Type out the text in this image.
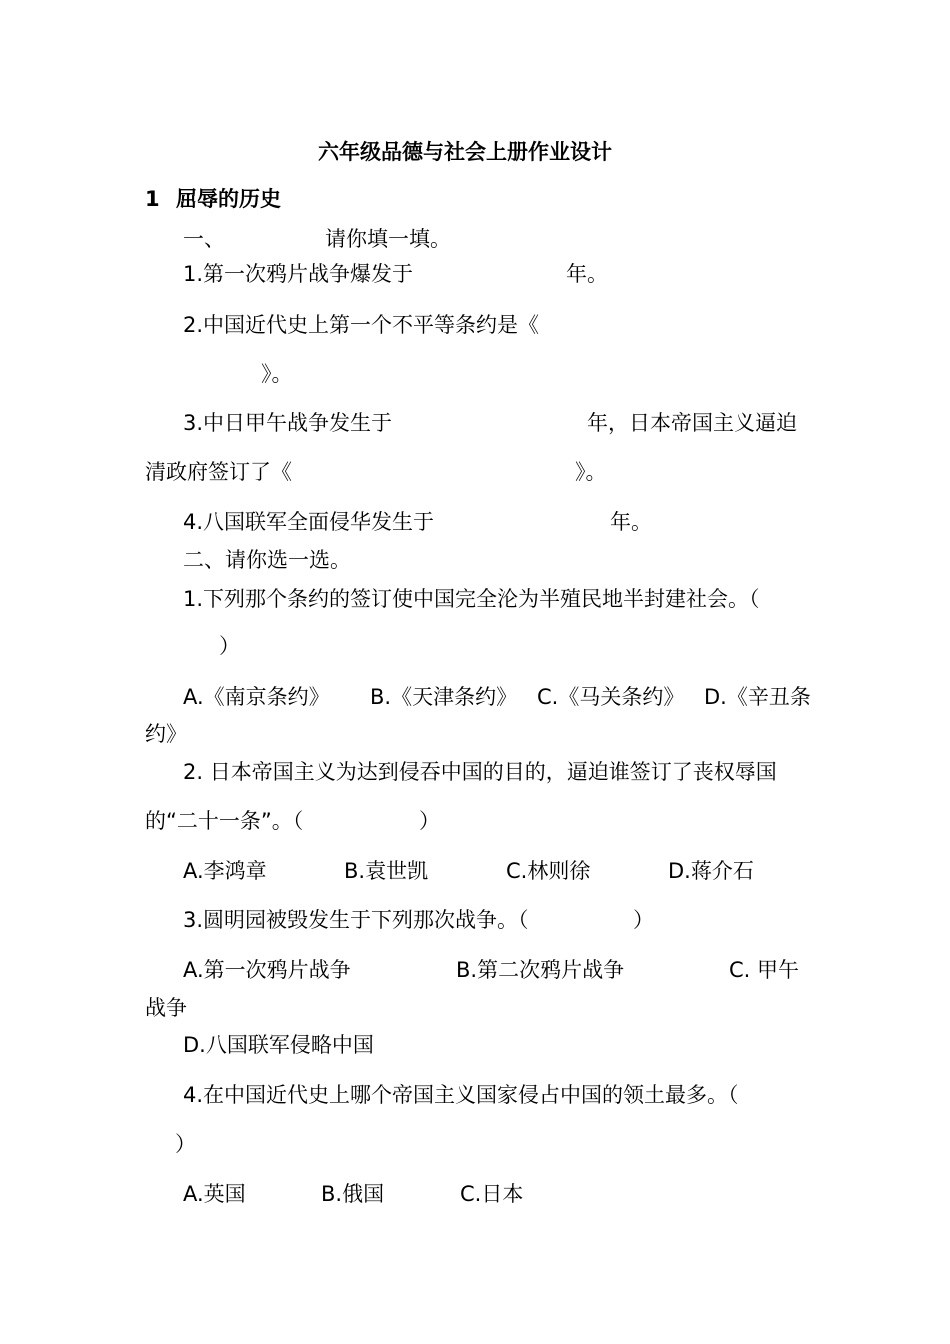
六年级品德与社会上册作业设计
1 屈辱的历史
一、	请你填一填。
1.第一次鸦片战争爆发于	年。
2.中国近代史上第一个不平等条约是《
》。
3.中日甲午战争发生于	年，日本帝国主义逼迫
清政府签订了《	》。
4.八国联军全面侵华发生于	年。
二、请你选一选。
1.下列那个条约的签订使中国完全沦为半殖民地半封建社会。（
）
A.《南京条约》 B.《天津条约》 C.《马关条约》 D.《辛丑条
约》
2. 日本帝国主义为达到侵吞中国的目的，逼迫谁签订了丧权辱国
的“二十一条”。（	）
A.李鸿章	B.袁世凯	C.林则徐	D.蒋介石
3.圆明园被毁发生于下列那次战争。（	）
A.第一次鸦片战争	B.第二次鸦片战争	C. 甲午
战争
D.八国联军侵略中国
4.在中国近代史上哪个帝国主义国家侵占中国的领土最多。（
）
A.英国	B.俄国	C.日本
